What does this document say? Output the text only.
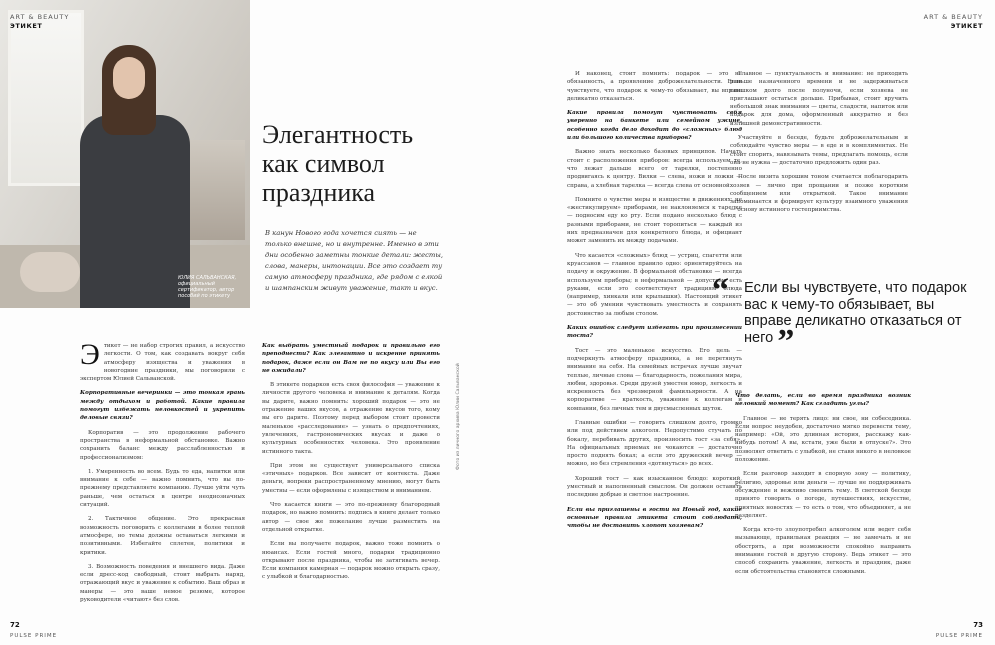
ЮЛИЯ САЛЬВАНСКАЯ, официальный сертификатор, автор пособий по этикету
ART & BEAUTY
ЭТИКЕТ
Элегантность как символ праздника
В канун Нового года хочется сиять — не только внешне, но и внутренне. Именно в эти дни особенно заметны тонкие детали: жесты, слова, манеры, интонации. Все это создает ту самую атмосферу праздника, где рядом с елкой и шампанским живут уважение, такт и вкус.

Этикет — не набор строгих правил, а искусство легкости. О том, как создавать вокруг себя атмосферу изящества и уважения в новогодние праздники, мы поговорили с экспертом Юлией Сальванской.

Корпоративные вечеринки — это тонкая грань между отдыхом и работой. Какие правила помогут избежать неловкостей и укрепить деловые связи?

Корпоратив — это продолжение рабочего пространства в неформальной обстановке. Важно сохранить баланс между расслабленностью и профессионализмом:

1. Умеренность во всем. Будь то еда, напитки или внимание к себе — важно помнить, что вы по-прежнему представляете компанию. Лучше уйти чуть раньше, чем остаться в центре неоднозначных ситуаций.

2. Тактичное общение. Это прекрасная возможность поговорить с коллегами в более теплой атмосфере, но темы должны оставаться легкими и позитивными. Избегайте сплетен, политики и критики.

3. Возможность поведения и внешнего вида. Даже если дресс-код свободный, стоит выбрать наряд, отражающий вкус и уважение к событию. Ваш образ и манеры — это ваше немое резюме, которое руководители «читают» без слов.

Как выбрать уместный подарок и правильно его преподнести? Как элегантно и искренне принять подарок, даже если он Вам не по вкусу или Вы его не ожидали?

В этикете подарков есть своя философия — уважение к личности другого человека и внимание к деталям. Когда вы дарите, важно помнить: хороший подарок — это не отражение ваших вкусов, а отражение вкусов того, кому вы его дарите. Поэтому перед выбором стоит провести маленькое «расследование» — узнать о предпочтениях, увлечениях, гастрономических вкусах и даже о культурных особенностях человека. Это проявление истинного такта.

При этом не существует универсального списка «этичных» подарков. Все зависит от контекста. Даже деньги, вопреки распространенному мнению, могут быть уместны — если оформлены с изяществом и вниманием.

Что касается книги — это по-прежнему благородный подарок, но важно помнить: подпись в книге делает только автор — свое же пожелание лучше разместить на отдельной открытке.

Если вы получаете подарок, важно тоже помнить о нюансах. Если гостей много, подарки традиционно открывают после праздника, чтобы не затягивать вечер. Если компания камерная — подарок можно открыть сразу, с улыбкой и благодарностью.

Фото из личного архива Юлии Сальванской
72
PULSE PRIME
ART & BEAUTY
ЭТИКЕТ

И наконец, стоит помнить: подарок — это не обязанность, а проявление доброжелательности. Если чувствуете, что подарок к чему-то обязывает, вы вправе деликатно отказаться.

Какие правила помогут чувствовать себя уверенно на банкете или семейном ужине, особенно когда дело доходит до «сложных» блюд или большого количества приборов?

Важно знать несколько базовых принципов. Начать стоит с расположения приборов: всегда используем те, что лежат дальше всего от тарелки, постепенно продвигаясь к центру. Вилки — слева, ножи и ложки — справа, а хлебная тарелка — всегда слева от основной.

Помните о чувстве меры и изяществе в движениях: не «жестикулируем» приборами, не наклоняемся к тарелке — подносим еду ко рту. Если подано несколько блюд с разными приборами, не стоит торопиться — каждый из них предназначен для конкретного блюда, и официант может заменить их между подачами.

Что касается «сложных» блюд — устриц, спагетти или круассанов — главное правило одно: ориентируйтесь на подачу и окружение. В формальной обстановке — всегда используем приборы; в неформальной — допустимо есть руками, если это соответствует традициям блюда (например, хинкали или крылышки). Настоящий этикет — это об умении чувствовать уместность и сохранять достоинство за любым столом.

Каких ошибок следует избегать при произнесении тоста?

Тост — это маленькое искусство. Его цель — подчеркнуть атмосферу праздника, а не перетянуть внимание на себя. На семейных встречах лучше звучат теплые, личные слова — благодарность, пожелания мира, любви, здоровья. Среди друзей уместен юмор, легкость и искренность без чрезмерной фамильярности. А на корпоративе — краткость, уважение к коллегам и компании, без личных тем и двусмысленных шуток.

Главные ошибки — говорить слишком долго, громко или под действием алкоголя. Недопустимо стучать по бокалу, перебивать других, произносить тост «за себя». На официальных приемах не чокаются — достаточно просто поднять бокал; а если это дружеский вечер — можно, но без стремления «дотянуться» до всех.

Хороший тост — как изысканное блюдо: короткий, уместный и наполненный смыслом. Он должен оставить последние добрые и светлое настроение.

Если вы приглашены в гости на Новый год, какие основные правила этикета стоит соблюдать, чтобы не доставить хлопот хозяевам?

Главное — пунктуальность и внимание: не приходить раньше назначенного времени и не задерживаться слишком долго после полуночи, если хозяева не приглашают остаться дольше. Прибывая, стоит вручить небольшой знак внимания — цветы, сладости, напиток или подарок для дома, оформленный аккуратно и без излишней демонстративности.

Участвуйте в беседе, будьте доброжелательным и соблюдайте чувство меры — в еде и в комплиментах. Не стоит спорить, навязывать темы, предлагать помощь, если она не нужна — достаточно предложить один раз.

После визита хорошим тоном считается поблагодарить хозяев — лично при прощании и позже коротким сообщением или открыткой. Такое внимание запоминается и формирует культуру взаимного уважения — основу истинного гостеприимства.

Что делать, если во время праздника возник неловкий момент? Как сгладить углы?

Главное — не терять лицо: ни свое, ни собеседника. Если вопрос неудобен, достаточно мягко перевести тему, например: «Ой, это длинная история, расскажу как-нибудь потом! А вы, кстати, уже были в отпуске?». Это позволяет ответить с улыбкой, не ставя никого в неловкое положение.

Если разговор заходит в спорную зону — политику, религию, здоровье или деньги — лучше не поддерживать обсуждение и вежливо сменить тему. В светской беседе принято говорить о погоде, путешествиях, искусстве, приятных новостях — то есть о том, что объединяет, а не разделяет.

Когда кто-то злоупотребил алкоголем или ведет себя вызывающе, правильная реакция — не замечать и не обострять, а при возможности спокойно направить внимание гостей в другую сторону. Ведь этикет — это способ сохранить уважение, легкость и праздник, даже если обстоятельства становятся сложными.

73
PULSE PRIME
“	Если вы чувствуете, что подарок вас к чему-то обязывает, вы вправе деликатно отказаться от него ”
